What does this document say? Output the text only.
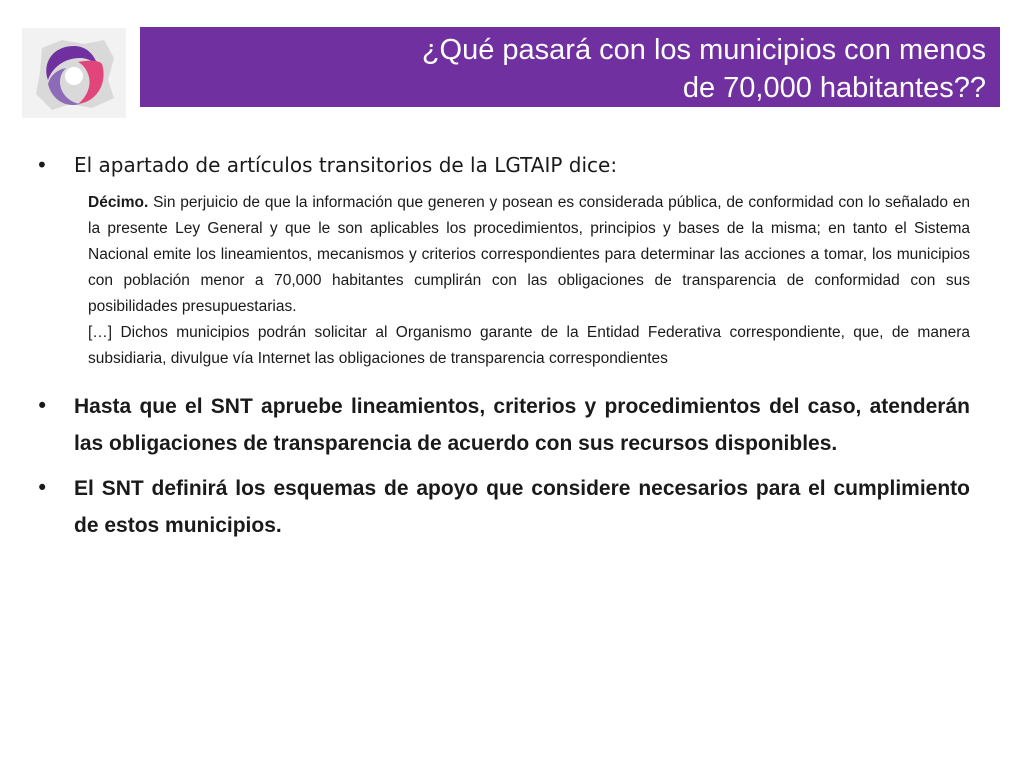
¿Qué pasará con los municipios con menos
de 70,000 habitantes??
• El apartado de artículos transitorios de la LGTAIP dice:

Décimo. Sin perjuicio de que la información que generen y posean es considerada pública, de conformidad con lo señalado en la presente Ley General y que le son aplicables los procedimientos, principios y bases de la misma; en tanto el Sistema Nacional emite los lineamientos, mecanismos y criterios correspondientes para determinar las acciones a tomar, los municipios con población menor a 70,000 habitantes cumplirán con las obligaciones de transparencia de conformidad con sus posibilidades presupuestarias.

[…] Dichos municipios podrán solicitar al Organismo garante de la Entidad Federativa correspondiente, que, de manera subsidiaria, divulgue vía Internet las obligaciones de transparencia correspondientes

• Hasta que el SNT apruebe lineamientos, criterios y procedimientos del caso, atenderán las obligaciones de transparencia de acuerdo con sus recursos disponibles.
• El SNT definirá los esquemas de apoyo que considere necesarios para el cumplimiento de estos municipios.
